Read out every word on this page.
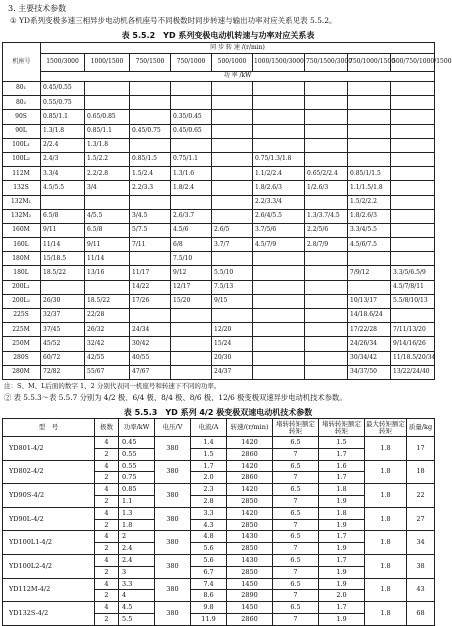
3. 主要技术参数
① YD系列变极多速三相异步电动机各机座号不同极数时同步转速与输出功率对应关系见表 5.5.2。
表 5.5.2　YD 系列变极电动机转速与功率对应关系表
机座号	同 步 转 速 /(r/min)								
	1500/3000	1000/1500	750/1500	750/1000	500/1000	1000/1500/3000	750/1500/3000	750/1000/1500	500/750/1000/1500
	功 率 /kW								
80₁	0.45/0.55								
80₂	0.55/0.75								
90S	0.85/1.1	0.65/0.85		0.35/0.45					
90L	1.3/1.8	0.85/1.1	0.45/0.75	0.45/0.65					
100L₁	2/2.4	1.3/1.8							
100L₂	2.4/3	1.5/2.2	0.85/1.5	0.75/1.1		0.75/1.3/1.8			
112M	3.3/4	2.2/2.8	1.5/2.4	1.3/1.6		1.1/2/2.4	0.65/2/2.4	0.85/1/1.5	
132S	4.5/5.5	3/4	2.2/3.3	1.8/2.4		1.8/2.6/3	1/2.6/3	1.1/1.5/1.8	
132M₁						2.2/3.3/4		1.5/2/2.2	
132M₂	6.5/8	4/5.5	3/4.5	2.6/3.7		2.6/4/5.5	1.3/3.7/4.5	1.8/2.6/3	
160M	9/11	6.5/8	5/7.5	4.5/6	2.6/5	3.7/5/6	2.2/5/6	3.3/4/5.5	
160L	11/14	9/11	7/11	6/8	3.7/7	4.5/7/9	2.8/7/9	4.5/6/7.5	
180M	15/18.5	11/14		7.5/10					
180L	18.5/22	13/16	11/17	9/12	5.5/10			7/9/12	3.3/5/6.5/9
200L₁			14/22	12/17	7.5/13				4.5/7/8/11
200L₂	26/30	18.5/22	17/26	15/20	9/15			10/13/17	5.5/8/10/13
225S	32/37	22/28						14/18.6/24	
225M	37/45	26/32	24/34		12/20			17/22/28	7/11/13/20
250M	45/52	32/42	30/42		15/24			24/26/34	9/14/16/26
280S	60/72	42/55	40/55		20/30			30/34/42	11/18.5/20/34
280M	72/82	55/67	47/67		24/37			34/37/50	13/22/24/40
注：S、M、L后面的数字 1、2 分别代表同一机座号和转速下不同的功率。
② 表 5.5.3～表 5.5.7 分别为 4/2 极、6/4 极、8/4 极、8/6 极、12/6 极变极双速异步电动机技术参数。
表 5.5.3　YD 系列 4/2 极变极双速电动机技术参数
型　号	极数	功率/kW	电压/V	电流/A	转速/(r/min)	堵转转矩额定转矩	堵转转矩额定转矩	最大转矩额定转矩	质量/kg
YD801-4/2	4	0.45	380	1.4	1420	6.5	1.5	1.8	17
	2	0.55		1.5	2860	7	1.7		
YD802-4/2	4	0.55	380	1.7	1420	6.5	1.6	1.8	18
	2	0.75		2.0	2860	7	1.7		
YD90S-4/2	4	0.85	380	2.3	1420	6.5	1.8	1.8	22
	2	1.1		2.8	2850	7	1.9		
YD90L-4/2	4	1.3	380	3.3	1420	6.5	1.8	1.8	27
	2	1.8		4.3	2850	7	1.9		
YD100L1-4/2	4	2	380	4.8	1430	6.5	1.7	1.8	34
	2	2.4		5.6	2850	7	1.9		
YD100L2-4/2	4	2.4	380	5.6	1430	6.5	1.7	1.8	38
	2	3		6.7	2850	7	1.9		
YD112M-4/2	4	3.3	380	7.4	1450	6.5	1.9	1.8	43
	2	4		8.6	2890	7	2.0		
YD132S-4/2	4	4.5	380	9.8	1450	6.5	1.7	1.8	68
	2	5.5		11.9	2860	7	1.9		
